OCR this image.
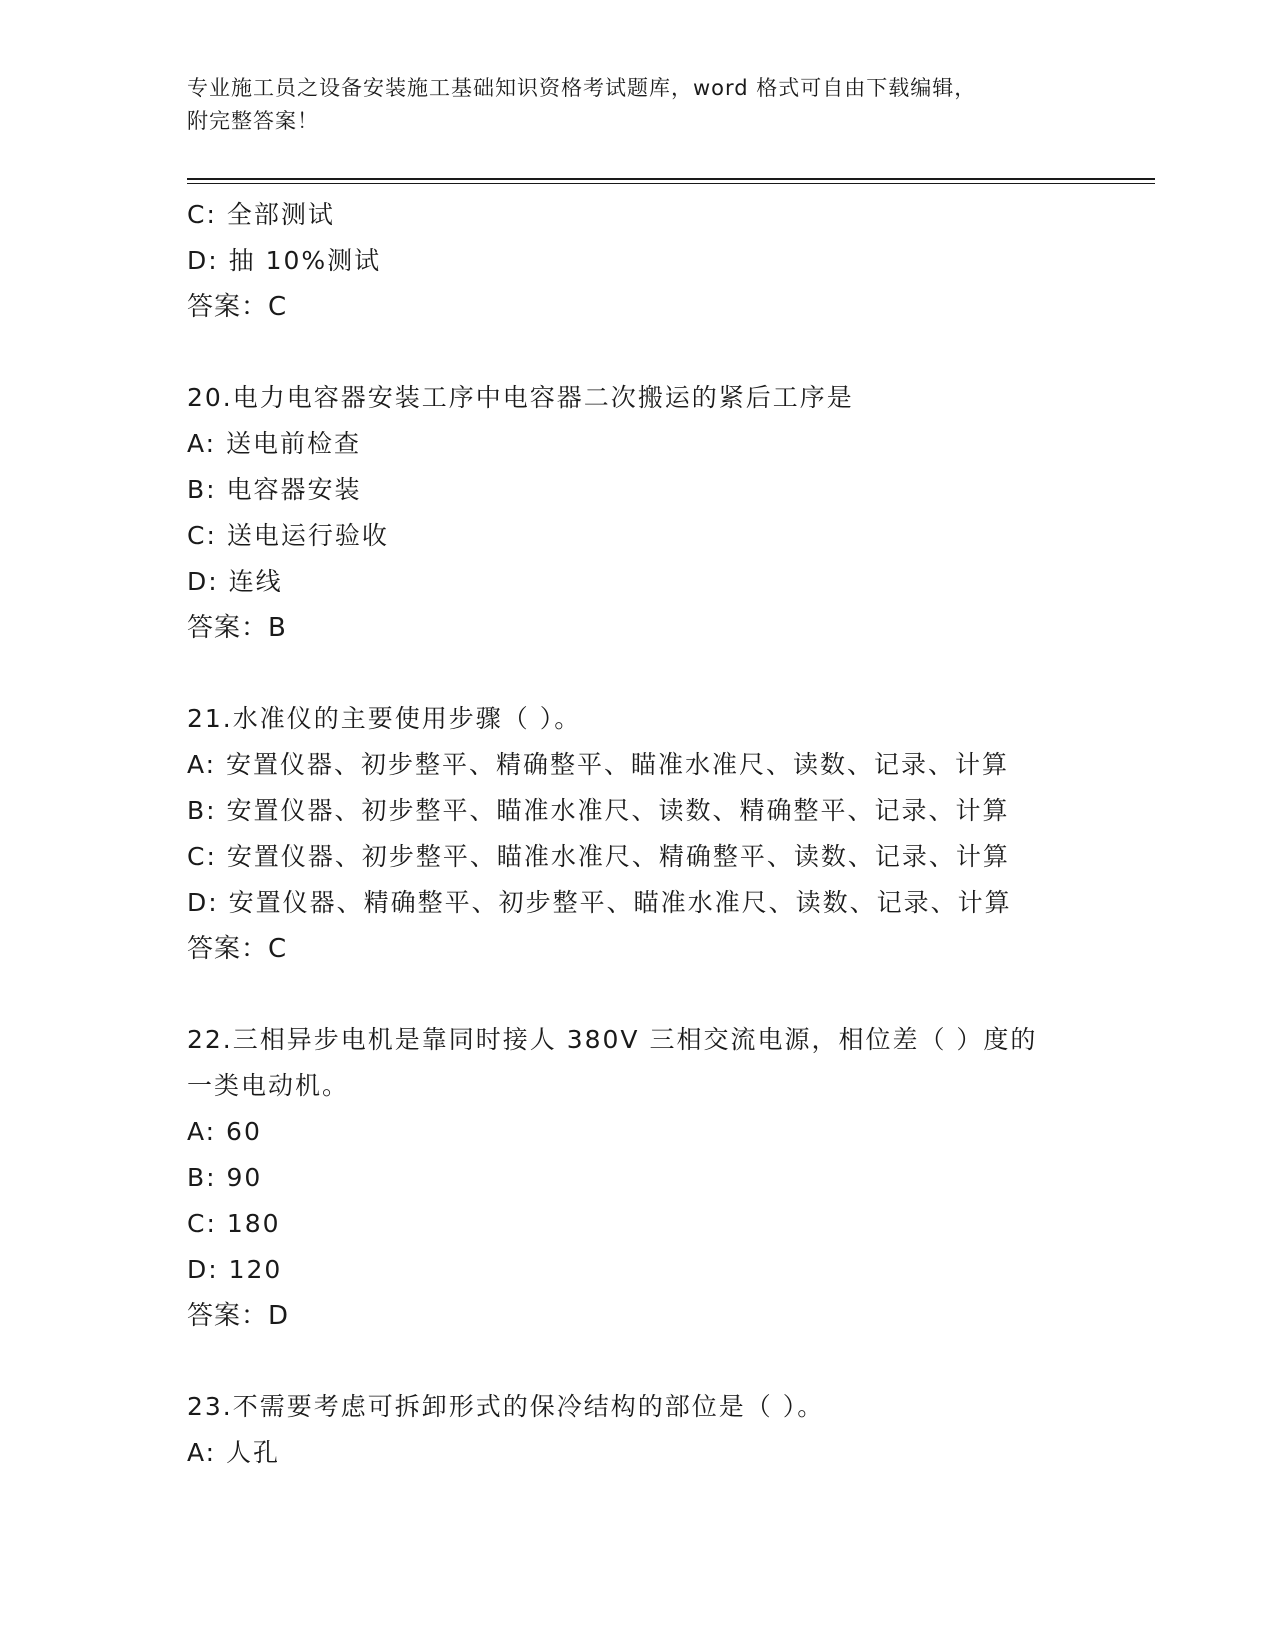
专业施工员之设备安装施工基础知识资格考试题库，word 格式可自由下载编辑，
附完整答案！
C: 全部测试
D: 抽 10%测试
答案：C
20.电力电容器安装工序中电容器二次搬运的紧后工序是
A: 送电前检查
B: 电容器安装
C: 送电运行验收
D: 连线
答案：B
21.水准仪的主要使用步骤（ ）。
A: 安置仪器、初步整平、精确整平、瞄准水准尺、读数、记录、计算
B: 安置仪器、初步整平、瞄准水准尺、读数、精确整平、记录、计算
C: 安置仪器、初步整平、瞄准水准尺、精确整平、读数、记录、计算
D: 安置仪器、精确整平、初步整平、瞄准水准尺、读数、记录、计算
答案：C
22.三相异步电机是靠同时接人 380V 三相交流电源，相位差（ ）度的
一类电动机。
A: 60
B: 90
C: 180
D: 120
答案：D
23.不需要考虑可拆卸形式的保冷结构的部位是（ ）。
A: 人孔
